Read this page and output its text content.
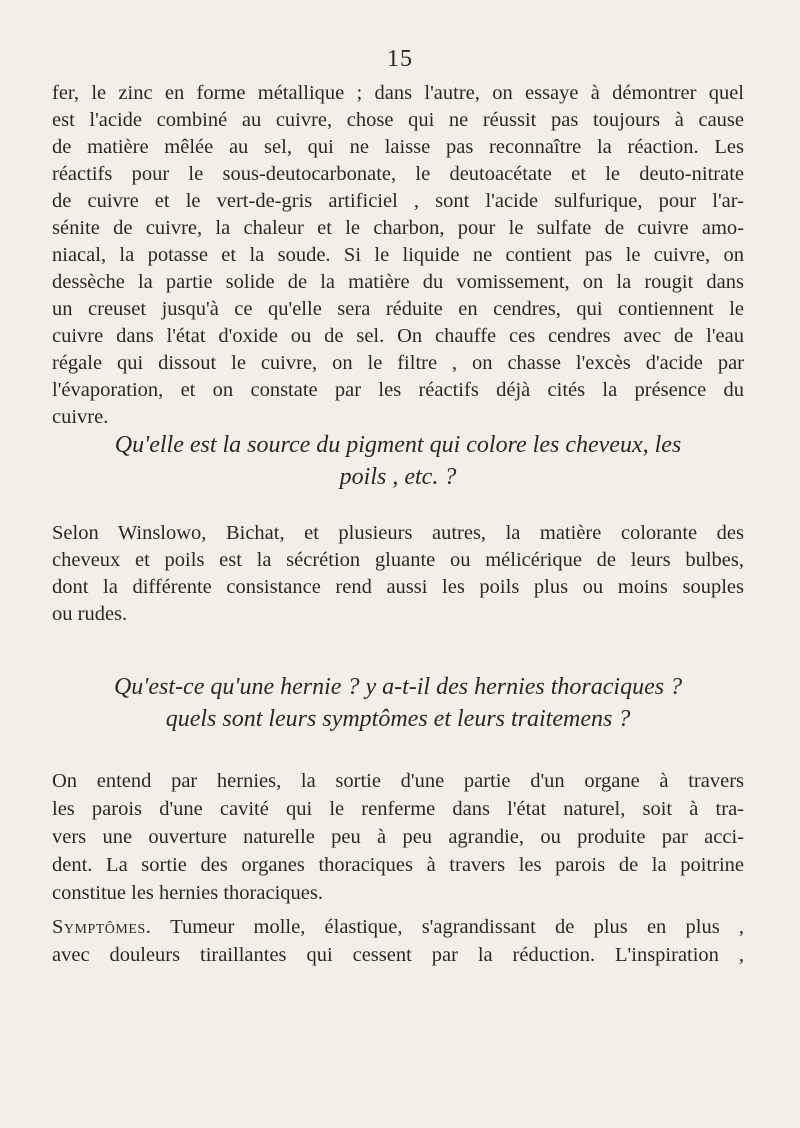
15
fer, le zinc en forme métallique ; dans l'autre, on essaye à démontrer quel
est l'acide combiné au cuivre, chose qui ne réussit pas toujours à cause
de matière mêlée au sel, qui ne laisse pas reconnaître la réaction. Les
réactifs pour le sous-deutocarbonate, le deutoacétate et le deuto-nitrate
de cuivre et le vert-de-gris artificiel , sont l'acide sulfurique, pour l'ar-
sénite de cuivre, la chaleur et le charbon, pour le sulfate de cuivre amo-
niacal, la potasse et la soude. Si le liquide ne contient pas le cuivre, on
dessèche la partie solide de la matière du vomissement, on la rougit dans
un creuset jusqu'à ce qu'elle sera réduite en cendres, qui contiennent le
cuivre dans l'état d'oxide ou de sel. On chauffe ces cendres avec de l'eau
régale qui dissout le cuivre, on le filtre , on chasse l'excès d'acide par
l'évaporation, et on constate par les réactifs déjà cités la présence du
cuivre.
Qu'elle est la source du pigment qui colore les cheveux, les
poils , etc. ?
Selon Winslowo, Bichat, et plusieurs autres, la matière colorante des
cheveux et poils est la sécrétion gluante ou mélicérique de leurs bulbes,
dont la différente consistance rend aussi les poils plus ou moins souples
ou rudes.
Qu'est-ce qu'une hernie ? y a-t-il des hernies thoraciques ?
quels sont leurs symptômes et leurs traitemens ?
On entend par hernies, la sortie d'une partie d'un organe à travers
les parois d'une cavité qui le renferme dans l'état naturel, soit à tra-
vers une ouverture naturelle peu à peu agrandie, ou produite par acci-
dent. La sortie des organes thoraciques à travers les parois de la poitrine
constitue les hernies thoraciques.
Symptômes. Tumeur molle, élastique, s'agrandissant de plus en plus ,
avec douleurs tiraillantes qui cessent par la réduction. L'inspiration ,
